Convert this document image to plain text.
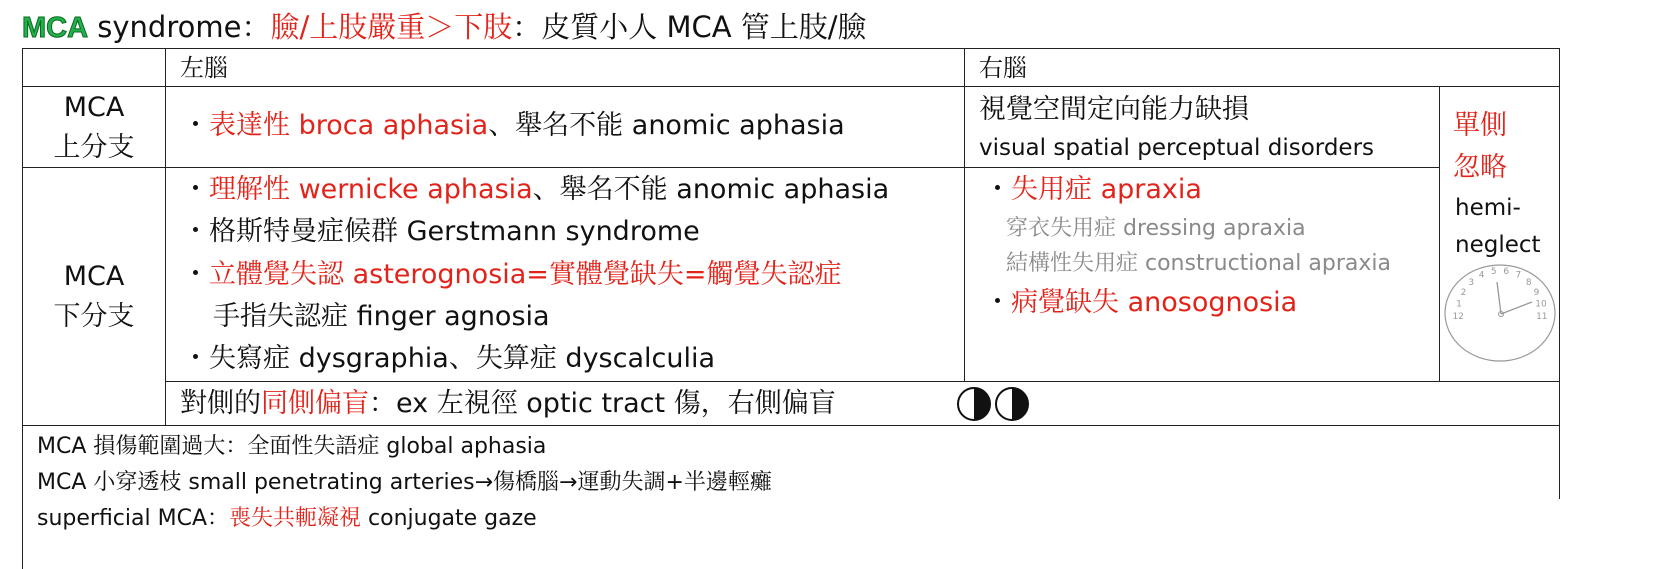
MCA syndrome：臉/上肢嚴重＞下肢：皮質小人 MCA 管上肢/臉
左腦	右腦
MCA
上分支
MCA
下分支
・表達性 broca aphasia、舉名不能 anomic aphasia
視覺空間定向能力缺損
visual spatial perceptual disorders
・理解性 wernicke aphasia、舉名不能 anomic aphasia
・格斯特曼症候群 Gerstmann syndrome
・立體覺失認 asterognosia=實體覺缺失=觸覺失認症
手指失認症 finger agnosia
・失寫症 dysgraphia、失算症 dyscalculia
・失用症 apraxia
穿衣失用症 dressing apraxia
結構性失用症 constructional apraxia
・病覺缺失 anosognosia
單側
忽略
hemi-
neglect
12
1
2
3
4 5 6 7
8
9
10
11
對側的同側偏盲：ex 左視徑 optic tract 傷，右側偏盲
MCA 損傷範圍過大：全面性失語症 global aphasia
MCA 小穿透枝 small penetrating arteries→傷橋腦→運動失調+半邊輕癱
superficial MCA：喪失共軛凝視 conjugate gaze
